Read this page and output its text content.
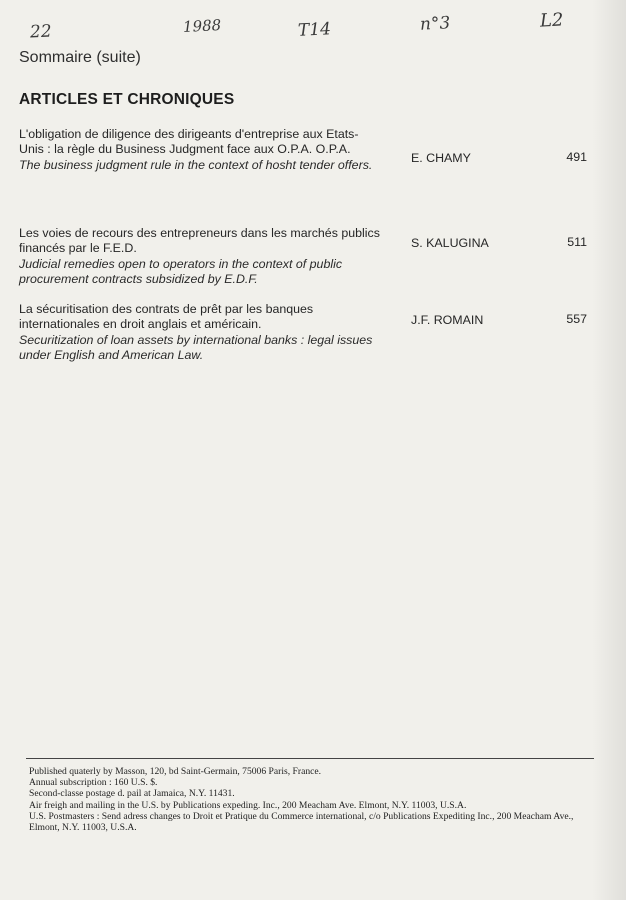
22	1988	T14	n°3	L2
Sommaire (suite)
ARTICLES ET CHRONIQUES
L'obligation de diligence des dirigeants d'entreprise aux Etats-Unis : la règle du Business Judgment face aux O.P.A. O.P.A.
The business judgment rule in the context of hosht tender offers.
E. CHAMY	491
Les voies de recours des entrepreneurs dans les marchés publics financés par le F.E.D.
Judicial remedies open to operators in the context of public procurement contracts subsidized by E.D.F.
S. KALUGINA	511
La sécuritisation des contrats de prêt par les banques internationales en droit anglais et américain.
Securitization of loan assets by international banks : legal issues under English and American Law.
J.F. ROMAIN	557

Published quaterly by Masson, 120, bd Saint-Germain, 75006 Paris, France.

Annual subscription : 160 U.S. $.

Second-classe postage d. pail at Jamaica, N.Y. 11431.

Air freigh and mailing in the U.S. by Publications expeding. Inc., 200 Meacham Ave. Elmont, N.Y. 11003, U.S.A.

U.S. Postmasters : Send adress changes to Droit et Pratique du Commerce international, c/o Publications Expediting Inc., 200 Meacham Ave., Elmont, N.Y. 11003, U.S.A.
